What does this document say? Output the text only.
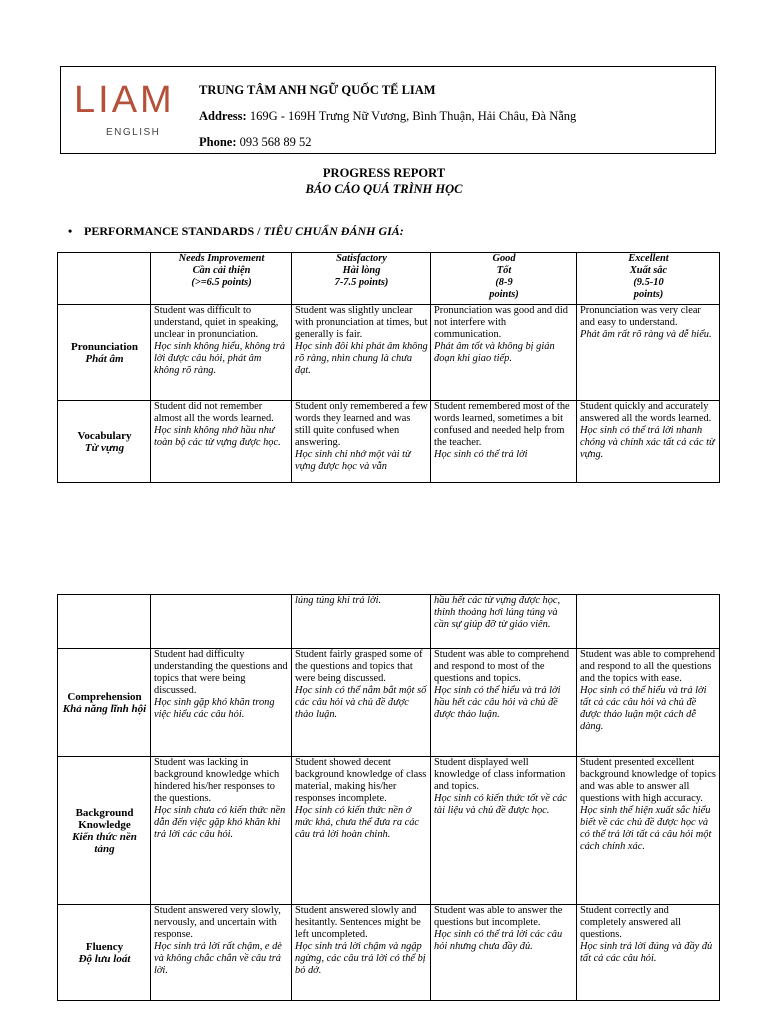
LIAM
ENGLISH
TRUNG TÂM ANH NGỮ QUỐC TẾ LIAM
Address: 169G - 169H Trưng Nữ Vương, Bình Thuận, Hải Châu, Đà Nẵng
Phone: 093 568 89 52
PROGRESS REPORT
BÁO CÁO QUÁ TRÌNH HỌC
• PERFORMANCE STANDARDS / TIÊU CHUẨN ĐÁNH GIÁ:

	Needs Improvement
Cần cải thiện
(>=6.5 points)	Satisfactory
Hài lòng
7-7.5 points)	Good
Tốt
(8-9
points)	Excellent
Xuất sắc
(9.5-10
points)

Pronunciation
Phát âm	Student was difficult to understand, quiet in speaking, unclear in pronunciation.
Học sinh không hiểu, không trả lời được câu hỏi, phát âm không rõ ràng.	Student was slightly unclear with pronunciation at times, but generally is fair.
Học sinh đôi khi phát âm không rõ ràng, nhìn chung là chưa đạt.	Pronunciation was good and did not interfere with communication.
Phát âm tốt và không bị gián đoạn khi giao tiếp.	Pronunciation was very clear and easy to understand.
Phát âm rất rõ ràng và dễ hiểu.

Vocabulary
Từ vựng	Student did not remember almost all the words learned.
Học sinh không nhớ hầu như toàn bộ các từ vựng được học.	Student only remembered a few words they learned and was still quite confused when answering.
Học sinh chỉ nhớ một vài từ vựng được học và vẫn	Student remembered most of the words learned, sometimes a bit confused and needed help from the teacher.
Học sinh có thể trả lời	Student quickly and accurately answered all the words learned.
Học sinh có thể trả lời nhanh chóng và chính xác tất cả các từ vựng.

		lúng túng khi trả lời.	hầu hết các từ vựng được học, thỉnh thoảng hơi lúng túng và cần sự giúp đỡ từ giáo viên.	

Comprehension
Khả năng lĩnh hội	Student had difficulty understanding the questions and topics that were being discussed.
Học sinh gặp khó khăn trong việc hiểu các câu hỏi.	Student fairly grasped some of the questions and topics that were being discussed.
Học sinh có thể nắm bắt một số các câu hỏi và chủ đề được thảo luận.	Student was able to comprehend and respond to most of the questions and topics.
Học sinh có thể hiểu và trả lời hầu hết các câu hỏi và chủ đề được thảo luận.	Student was able to comprehend and respond to all the questions and the topics with ease.
Học sinh có thể hiểu và trả lời tất cả các câu hỏi và chủ đề được thảo luận một cách dễ dàng.

Background Knowledge
Kiến thức nền tảng	Student was lacking in background knowledge which hindered his/her responses to the questions.
Học sinh chưa có kiến thức nền dẫn đến việc gặp khó khăn khi trả lời các câu hỏi.	Student showed decent background knowledge of class material, making his/her responses incomplete.
Học sinh có kiến thức nền ở mức khá, chưa thể đưa ra các câu trả lời hoàn chỉnh.	Student displayed well knowledge of class information and topics.
Học sinh có kiến thức tốt về các tài liệu và chủ đề được học.	Student presented excellent background knowledge of topics and was able to answer all questions with high accuracy.
Học sinh thể hiện xuất sắc hiểu biết về các chủ đề được học và có thể trả lời tất cả câu hỏi một cách chính xác.

Fluency
Độ lưu loát	Student answered very slowly, nervously, and uncertain with response.
Học sinh trả lời rất chậm, e dè và không chắc chắn về câu trả lời.	Student answered slowly and hesitantly. Sentences might be left uncompleted.
Học sinh trả lời chậm và ngập ngừng, các câu trả lời có thể bị bỏ dở.	Student was able to answer the questions but incomplete.
Học sinh có thể trả lời các câu hỏi nhưng chưa đầy đủ.	Student correctly and completely answered all questions.
Học sinh trả lời đúng và đầy đủ tất cả các câu hỏi.
